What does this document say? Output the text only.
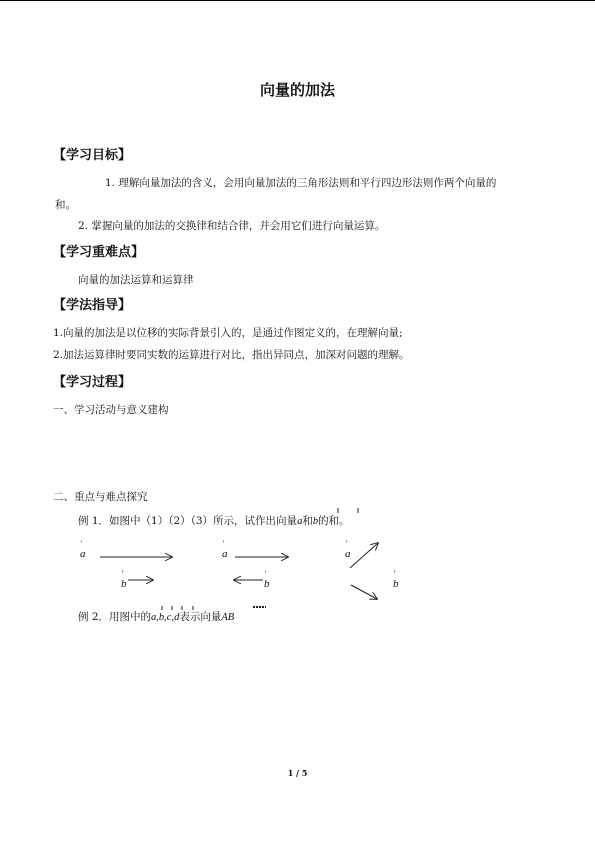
向量的加法
【学习目标】
1. 理解向量加法的含义，会用向量加法的三角形法则和平行四边形法则作两个向量的
和。
2. 掌握向量的加法的交换律和结合律，并会用它们进行向量运算。
【学习重难点】
向量的加法运算和运算律
【学法指导】
1.向量的加法是以位移的实际背景引入的，是通过作图定义的，在理解向量;
2.加法运算律时要同实数的运算进行对比，指出异同点，加深对问题的理解。
【学习过程】
一、学习活动与意义建构
二、重点与难点探究
例 1．如图中（1）（2）（3）所示，试作出向量a和b的和。
'
a
'
b
'
a
'
b
'
a
'
b
例 2．用图中的a,b,c,d表示向量AB
1 / 5
